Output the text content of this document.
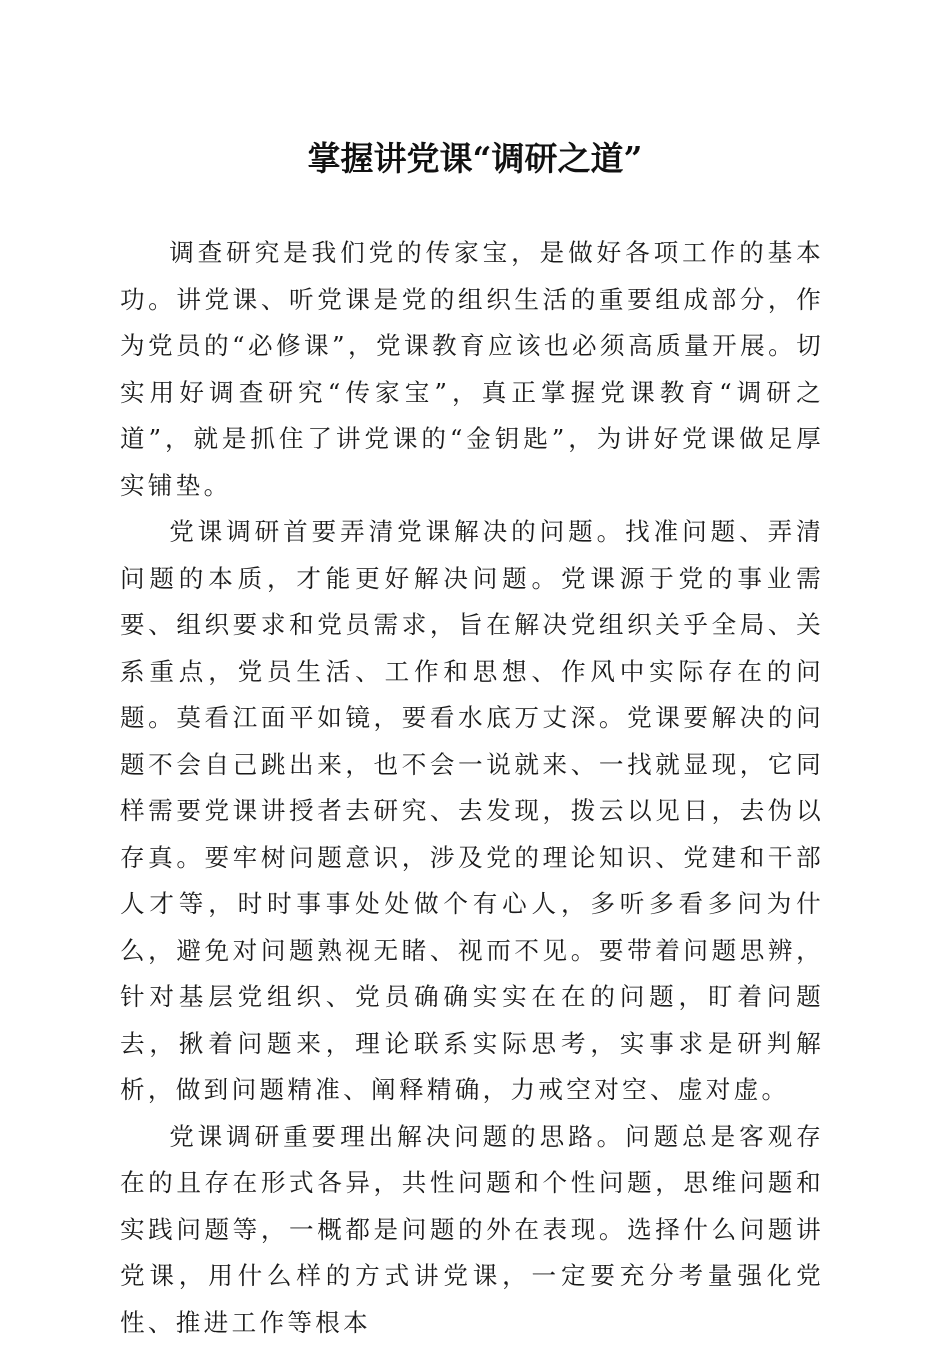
掌握讲党课“调研之道”

调查研究是我们党的传家宝，是做好各项工作的基本功。讲党课、听党课是党的组织生活的重要组成部分，作为党员的“必修课”，党课教育应该也必须高质量开展。切实用好调查研究“传家宝”，真正掌握党课教育“调研之道”，就是抓住了讲党课的“金钥匙”，为讲好党课做足厚实铺垫。

党课调研首要弄清党课解决的问题。找准问题、弄清问题的本质，才能更好解决问题。党课源于党的事业需要、组织要求和党员需求，旨在解决党组织关乎全局、关系重点，党员生活、工作和思想、作风中实际存在的问题。莫看江面平如镜，要看水底万丈深。党课要解决的问题不会自己跳出来，也不会一说就来、一找就显现，它同样需要党课讲授者去研究、去发现，拨云以见日，去伪以存真。要牢树问题意识，涉及党的理论知识、党建和干部人才等，时时事事处处做个有心人，多听多看多问为什么，避免对问题熟视无睹、视而不见。要带着问题思辨，针对基层党组织、党员确确实实在在的问题，盯着问题去，揪着问题来，理论联系实际思考，实事求是研判解析，做到问题精准、阐释精确，力戒空对空、虚对虚。

党课调研重要理出解决问题的思路。问题总是客观存在的且存在形式各异，共性问题和个性问题，思维问题和实践问题等，一概都是问题的外在表现。选择什么问题讲党课，用什么样的方式讲党课，一定要充分考量强化党性、推进工作等根本
